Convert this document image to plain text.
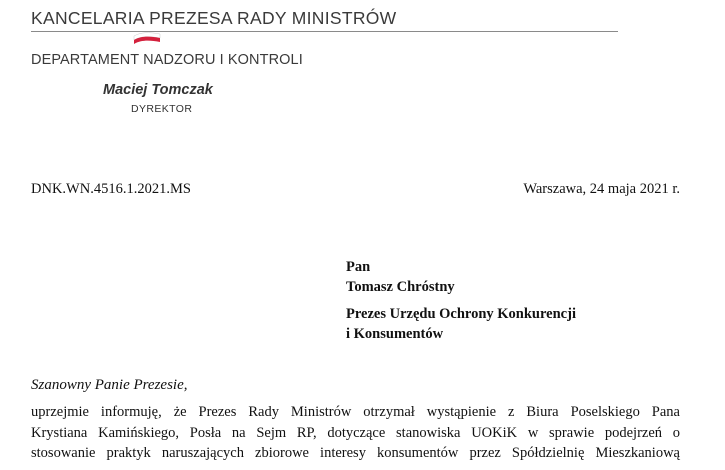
KANCELARIA PREZESA RADY MINISTRÓW
DEPARTAMENT NADZORU I KONTROLI
Maciej Tomczak
DYREKTOR
DNK.WN.4516.1.2021.MS	Warszawa, 24 maja 2021 r.
Pan
Tomasz Chróstny
Prezes Urzędu Ochrony Konkurencji
i Konsumentów
Szanowny Panie Prezesie,
uprzejmie informuję, że Prezes Rady Ministrów otrzymał wystąpienie z Biura Poselskiego Pana
Krystiana Kamińskiego, Posła na Sejm RP, dotyczące stanowiska UOKiK w sprawie podejrzeń o
stosowanie praktyk naruszających zbiorowe interesy konsumentów przez Spółdzielnię Mieszkaniową
